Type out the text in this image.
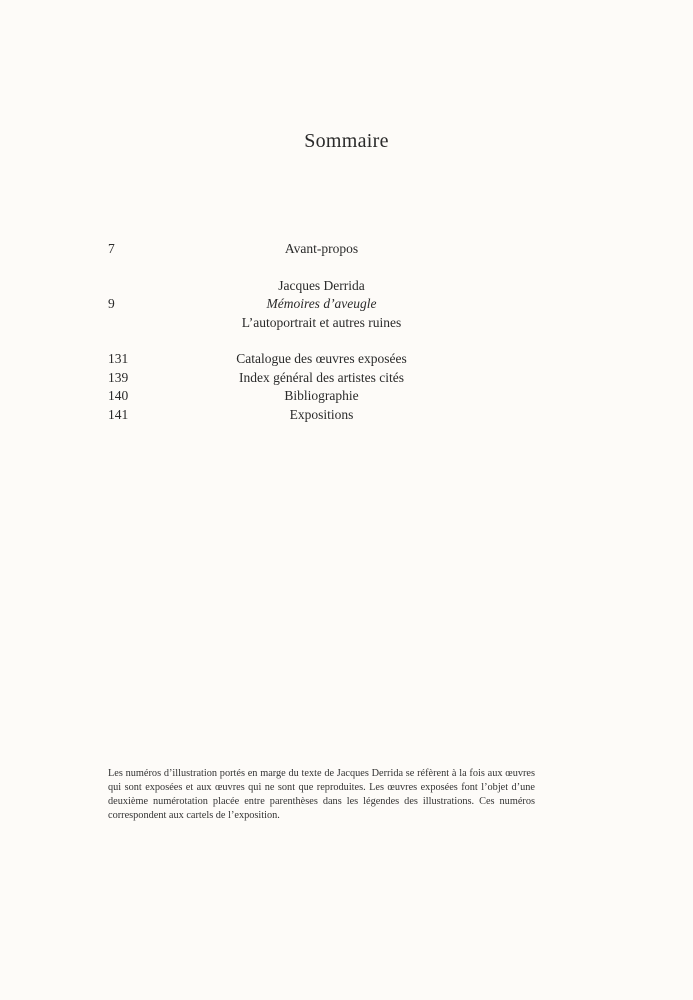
Sommaire
7	Avant-propos
Jacques Derrida
9	Mémoires d’aveugle
L’autoportrait et autres ruines
131	Catalogue des œuvres exposées
139	Index général des artistes cités
140	Bibliographie
141	Expositions

Les numéros d’illustration portés en marge du texte de Jacques Derrida se réfèrent à la fois aux œuvres qui sont exposées et aux œuvres qui ne sont que reproduites. Les œuvres exposées font l’objet d’une deuxième numérotation placée entre parenthèses dans les légendes des illustrations. Ces numéros correspondent aux cartels de l’exposition.
